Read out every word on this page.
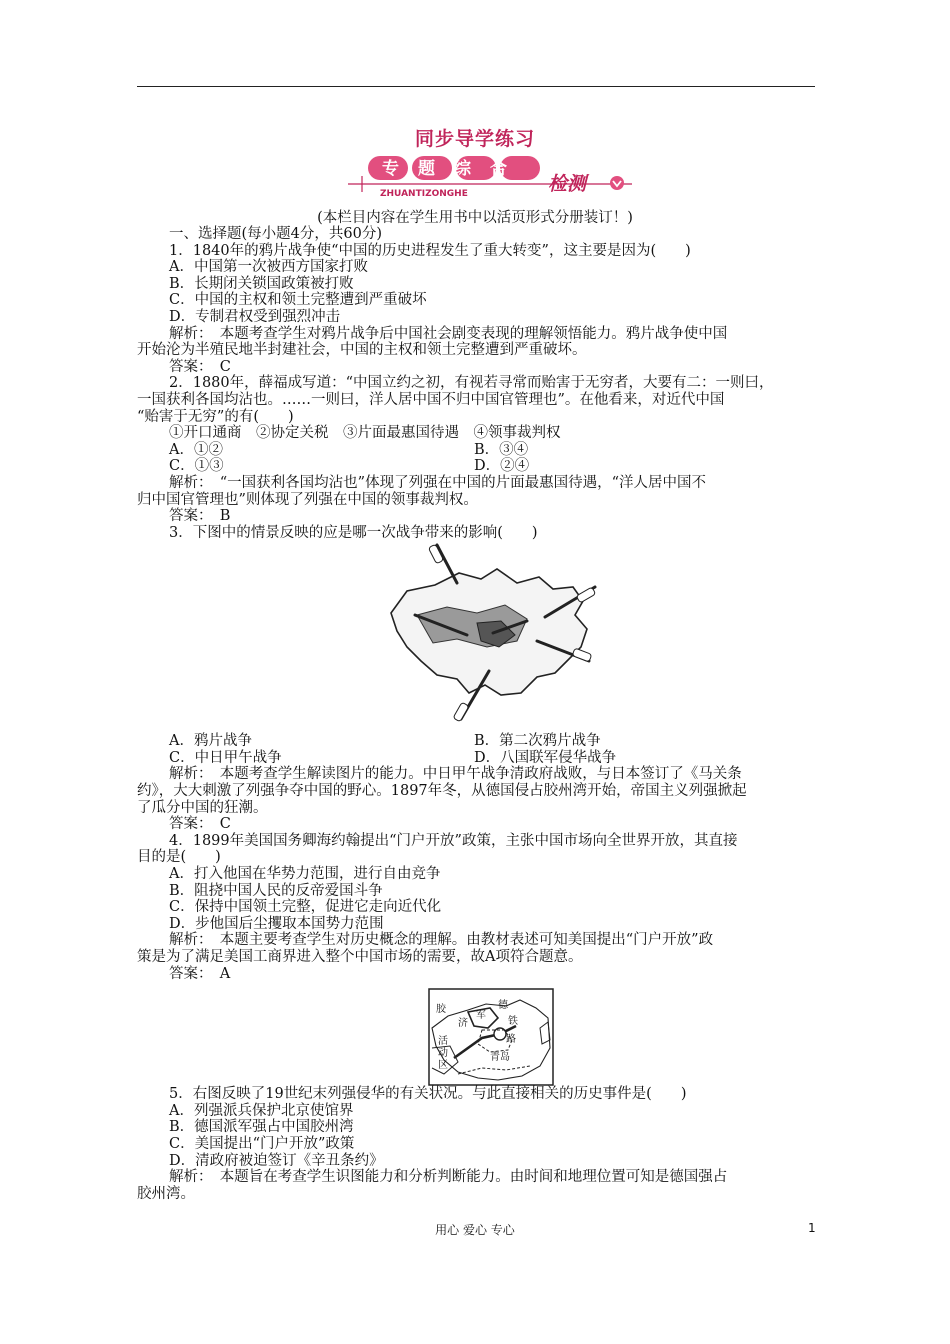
同步导学练习
专题综合
ZHUANTIZONGHE	检测
(本栏目内容在学生用书中以活页形式分册装订！)

一、选择题(每小题4分，共60分)

1．1840年的鸦片战争使“中国的历史进程发生了重大转变”，这主要是因为(　　)

A．中国第一次被西方国家打败

B．长期闭关锁国政策被打败

C．中国的主权和领土完整遭到严重破坏

D．专制君权受到强烈冲击

解析：　本题考查学生对鸦片战争后中国社会剧变表现的理解领悟能力。鸦片战争使中国

开始沦为半殖民地半封建社会，中国的主权和领土完整遭到严重破坏。

答案：　C

2．1880年，薛福成写道：“中国立约之初，有视若寻常而贻害于无穷者，大要有二：一则曰，

一国获利各国均沾也。……一则曰，洋人居中国不归中国官管理也”。在他看来，对近代中国

“贻害于无穷”的有(　　)

①开口通商　②协定关税　③片面最惠国待遇　④领事裁判权

A．①②	B．③④
C．①③	D．②④

解析：　“一国获利各国均沾也”体现了列强在中国的片面最惠国待遇，“洋人居中国不

归中国官管理也”则体现了列强在中国的领事裁判权。

答案：　B

3．下图中的情景反映的应是哪一次战争带来的影响(　　)

A．鸦片战争	B．第二次鸦片战争
C．中日甲午战争	D．八国联军侵华战争

解析：　本题考查学生解读图片的能力。中日甲午战争清政府战败，与日本签订了《马关条

约》，大大刺激了列强争夺中国的野心。1897年冬，从德国侵占胶州湾开始，帝国主义列强掀起

了瓜分中国的狂潮。

答案：　C

4．1899年美国国务卿海约翰提出“门户开放”政策，主张中国市场向全世界开放，其直接

目的是(　　)

A．打入他国在华势力范围，进行自由竞争

B．阻挠中国人民的反帝爱国斗争

C．保持中国领土完整，促进它走向近代化

D．步他国后尘攫取本国势力范围

解析：　本题主要考查学生对历史概念的理解。由教材表述可知美国提出“门户开放”政

策是为了满足美国工商界进入整个中国市场的需要，故A项符合题意。

答案：　A

胶
济
军
德
铁
活
动
区
路
青岛

5．右图反映了19世纪末列强侵华的有关状况。与此直接相关的历史事件是(　　)

A．列强派兵保护北京使馆界

B．德国派军强占中国胶州湾

C．美国提出“门户开放”政策

D．清政府被迫签订《辛丑条约》

解析：　本题旨在考查学生识图能力和分析判断能力。由时间和地理位置可知是德国强占

胶州湾。

用心 爱心 专心	1
